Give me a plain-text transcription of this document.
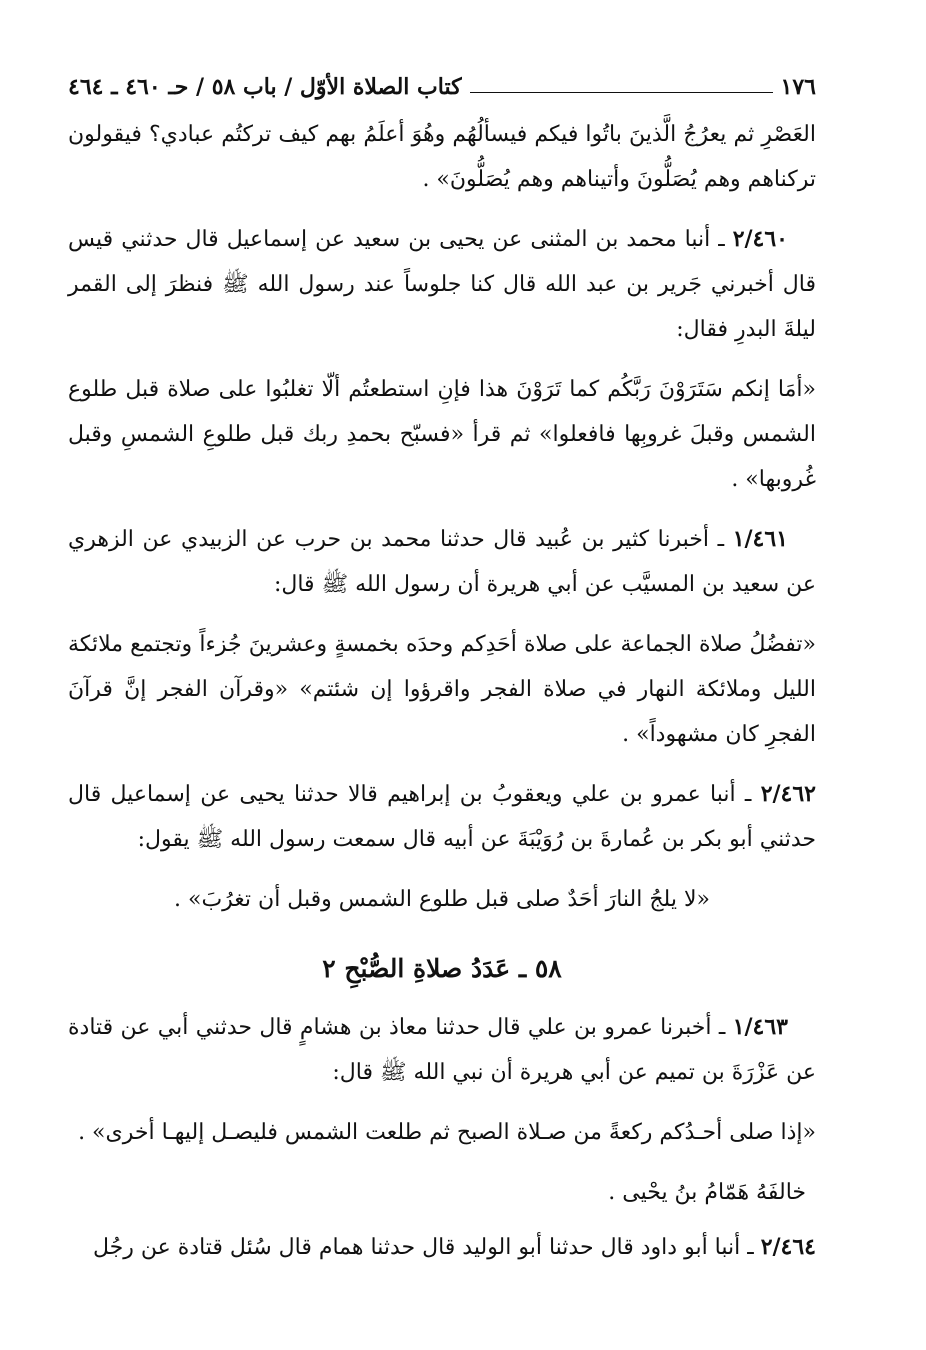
١٧٦
كتاب الصلاة الأوّل / باب ٥٨ / حـ ٤٦٠ ـ ٤٦٤

العَصْرِ ثم يعرُجُ الَّذينَ باتُوا فيكم فيسألُهُم وهُوَ أعلَمُ بهم كيف تركتُم عبادي؟ فيقولون تركناهم وهم يُصَلُّونَ وأتيناهم وهم يُصَلُّونَ» .

٢/٤٦٠ ـ أنبا محمد بن المثنى عن يحيى بن سعيد عن إسماعيل قال حدثني قيس قال أخبرني جَرير بن عبد الله قال كنا جلوساً عند رسول الله ﷺ فنظرَ إلى القمر ليلةَ البدرِ فقال:

«أمَا إنكم سَتَرَوْنَ رَبَّكُم كما تَرَوْنَ هذا فإنِ استطعتُم ألّا تغلبُوا على صلاة قبل طلوع الشمس وقبلَ غروبِها فافعلوا» ثم قرأ «فسبّح بحمدِ ربك قبل طلوعِ الشمسِ وقبل غُروبها» .

١/٤٦١ ـ أخبرنا كثير بن عُبيد قال حدثنا محمد بن حرب عن الزبيدي عن الزهري عن سعيد بن المسيَّب عن أبي هريرة أن رسول الله ﷺ قال:

«تفضُلُ صلاة الجماعة على صلاة أحَدِكم وحدَه بخمسةٍ وعشرينَ جُزءاً وتجتمع ملائكة الليل وملائكة النهار في صلاة الفجر واقرؤوا إن شئتم» «وقرآن الفجر إنَّ قرآنَ الفجرِ كان مشهوداً» .

٢/٤٦٢ ـ أنبا عمرو بن علي ويعقوبُ بن إبراهيم قالا حدثنا يحيى عن إسماعيل قال حدثني أبو بكر بن عُمارةَ بن رُوَيْبَةَ عن أبيه قال سمعت رسول الله ﷺ يقول:

«لا يلجُ النارَ أحَدٌ صلى قبل طلوع الشمس وقبل أن تغرُبَ» .

٥٨ ـ عَدَدُ صلاةِ الصُّبْحِ ٢

١/٤٦٣ ـ أخبرنا عمرو بن علي قال حدثنا معاذ بن هشامٍ قال حدثني أبي عن قتادة عن عَزْرَةَ بن تميم عن أبي هريرة أن نبي الله ﷺ قال:

«إذا صلى أحـدُكم ركعةً من صـلاة الصبح ثم طلعت الشمس فليصـل إليهـا أخرى» .

خالفَهُ هَمّامُ بنُ يحْيى .

٢/٤٦٤ ـ أنبا أبو داود قال حدثنا أبو الوليد قال حدثنا همام قال سُئل قتادة عن رجُل
